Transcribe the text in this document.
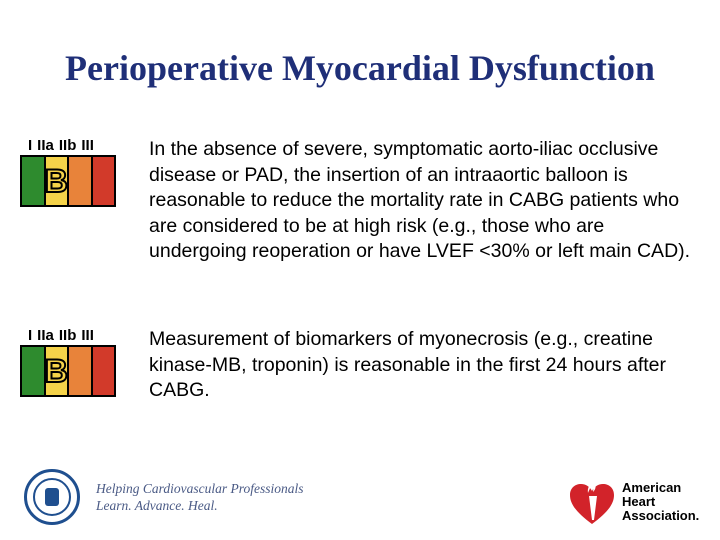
Perioperative Myocardial Dysfunction
I IIa IIb III
B
In the absence of severe, symptomatic aorto-iliac occlusive disease or PAD, the insertion of an intraaortic balloon is reasonable to reduce the mortality rate in CABG patients who are considered to be at high risk (e.g., those who are undergoing reoperation or have LVEF <30% or left main CAD).
I IIa IIb III
B
Measurement of biomarkers of myonecrosis (e.g., creatine kinase-MB, troponin) is reasonable in the first 24 hours after CABG.
Helping Cardiovascular Professionals
Learn. Advance. Heal.
American
Heart
Association.
